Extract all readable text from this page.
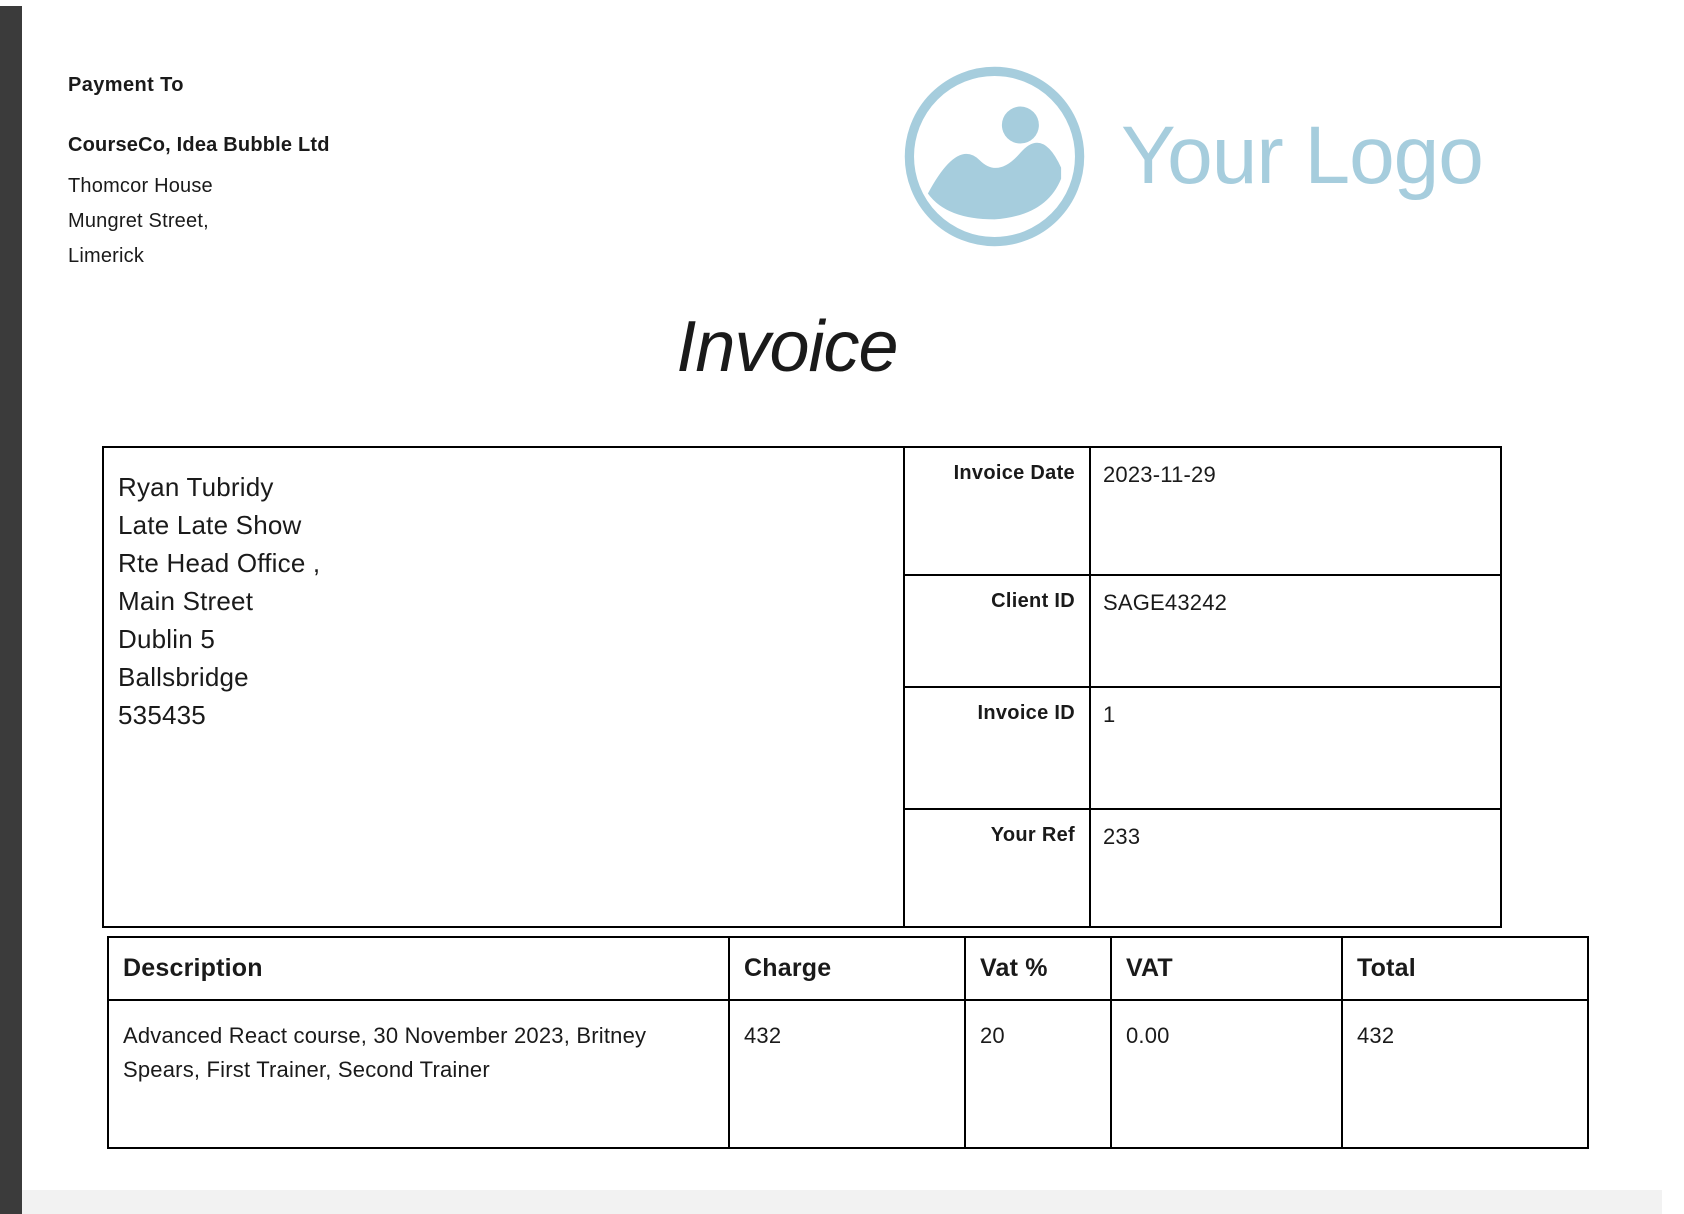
Payment To
CourseCo, Idea Bubble Ltd
Thomcor House
Mungret Street,
Limerick
Your Logo
Invoice
Ryan Tubridy
Late Late Show
Rte Head Office ,
Main Street
Dublin 5
Ballsbridge
535435
	Invoice Date	2023-11-29
	Client ID	SAGE43242
	Invoice ID	1
	Your Ref	233
Description	Charge	Vat %	VAT	Total
Advanced React course, 30 November 2023, Britney Spears, First Trainer, Second Trainer	432	20	0.00	432
